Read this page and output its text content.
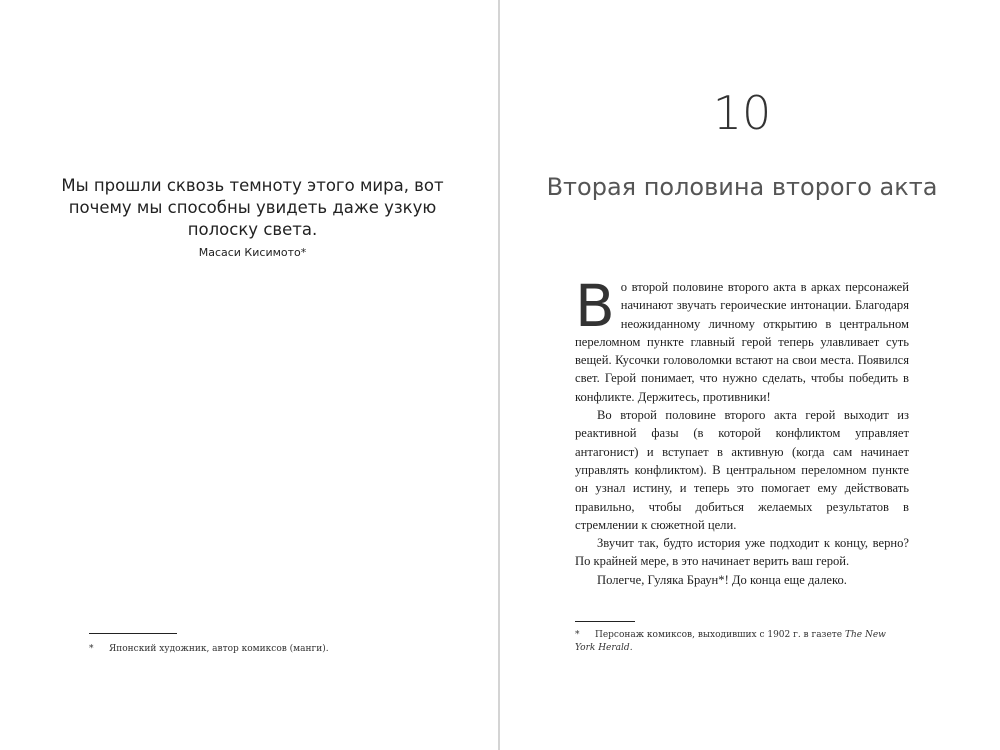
Мы прошли сквозь темноту этого мира, вот почему мы способны увидеть даже узкую полоску света.

Масаси Кисимото*
* Японский художник, автор комиксов (манги).
10
Вторая половина второго акта

Во второй половине второго акта в арках персонажей начинают звучать героические интонации. Благодаря неожиданному личному открытию в центральном переломном пункте главный герой теперь улавливает суть вещей. Кусочки головоломки встают на свои места. Появился свет. Герой понимает, что нужно сделать, чтобы победить в конфликте. Держитесь, противники!

Во второй половине второго акта герой выходит из реактивной фазы (в которой конфликтом управляет антагонист) и вступает в активную (когда сам начинает управлять конфликтом). В центральном переломном пункте он узнал истину, и теперь это помогает ему действовать правильно, чтобы добиться желаемых результатов в стремлении к сюжетной цели.

Звучит так, будто история уже подходит к концу, верно? По крайней мере, в это начинает верить ваш герой.

Полегче, Гуляка Браун*! До конца еще далеко.

* Персонаж комиксов, выходивших с 1902 г. в газете The New York Herald.
